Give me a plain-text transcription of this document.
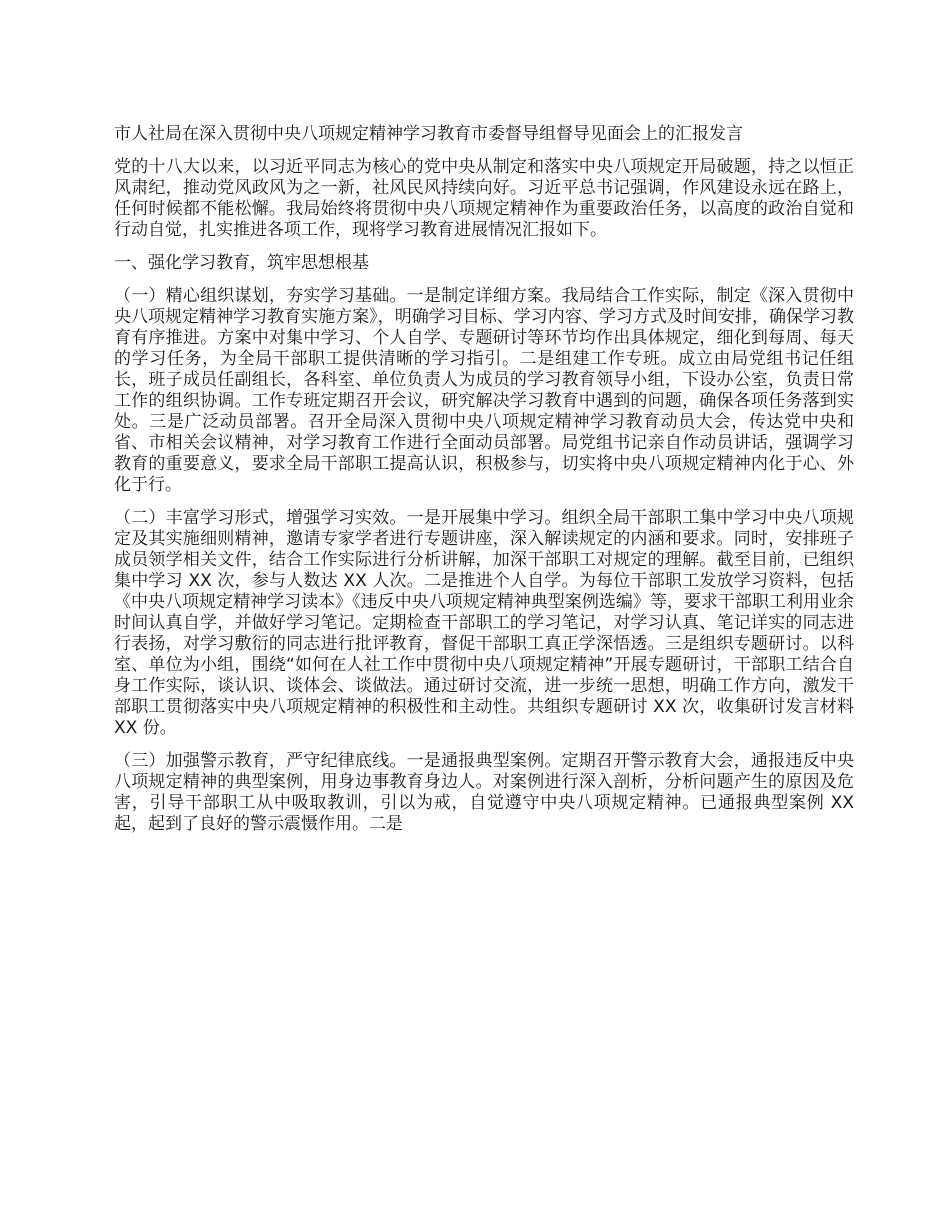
市人社局在深入贯彻中央八项规定精神学习教育市委督导组督导见面会上的汇报发言

党的十八大以来，以习近平同志为核心的党中央从制定和落实中央八项规定开局破题，持之以恒正风肃纪，推动党风政风为之一新，社风民风持续向好。习近平总书记强调，作风建设永远在路上，任何时候都不能松懈。我局始终将贯彻中央八项规定精神作为重要政治任务，以高度的政治自觉和行动自觉，扎实推进各项工作，现将学习教育进展情况汇报如下。

一、强化学习教育，筑牢思想根基

（一）精心组织谋划，夯实学习基础。一是制定详细方案。我局结合工作实际，制定《深入贯彻中央八项规定精神学习教育实施方案》，明确学习目标、学习内容、学习方式及时间安排，确保学习教育有序推进。方案中对集中学习、个人自学、专题研讨等环节均作出具体规定，细化到每周、每天的学习任务，为全局干部职工提供清晰的学习指引。二是组建工作专班。成立由局党组书记任组长，班子成员任副组长，各科室、单位负责人为成员的学习教育领导小组，下设办公室，负责日常工作的组织协调。工作专班定期召开会议，研究解决学习教育中遇到的问题，确保各项任务落到实处。三是广泛动员部署。召开全局深入贯彻中央八项规定精神学习教育动员大会，传达党中央和省、市相关会议精神，对学习教育工作进行全面动员部署。局党组书记亲自作动员讲话，强调学习教育的重要意义，要求全局干部职工提高认识，积极参与，切实将中央八项规定精神内化于心、外化于行。

（二）丰富学习形式，增强学习实效。一是开展集中学习。组织全局干部职工集中学习中央八项规定及其实施细则精神，邀请专家学者进行专题讲座，深入解读规定的内涵和要求。同时，安排班子成员领学相关文件，结合工作实际进行分析讲解，加深干部职工对规定的理解。截至目前，已组织集中学习 XX 次，参与人数达 XX 人次。二是推进个人自学。为每位干部职工发放学习资料，包括《中央八项规定精神学习读本》《违反中央八项规定精神典型案例选编》等，要求干部职工利用业余时间认真自学，并做好学习笔记。定期检查干部职工的学习笔记，对学习认真、笔记详实的同志进行表扬，对学习敷衍的同志进行批评教育，督促干部职工真正学深悟透。三是组织专题研讨。以科室、单位为小组，围绕“如何在人社工作中贯彻中央八项规定精神”开展专题研讨，干部职工结合自身工作实际，谈认识、谈体会、谈做法。通过研讨交流，进一步统一思想，明确工作方向，激发干部职工贯彻落实中央八项规定精神的积极性和主动性。共组织专题研讨 XX 次，收集研讨发言材料 XX 份。

（三）加强警示教育，严守纪律底线。一是通报典型案例。定期召开警示教育大会，通报违反中央八项规定精神的典型案例，用身边事教育身边人。对案例进行深入剖析，分析问题产生的原因及危害，引导干部职工从中吸取教训，引以为戒，自觉遵守中央八项规定精神。已通报典型案例 XX 起，起到了良好的警示震慑作用。二是
